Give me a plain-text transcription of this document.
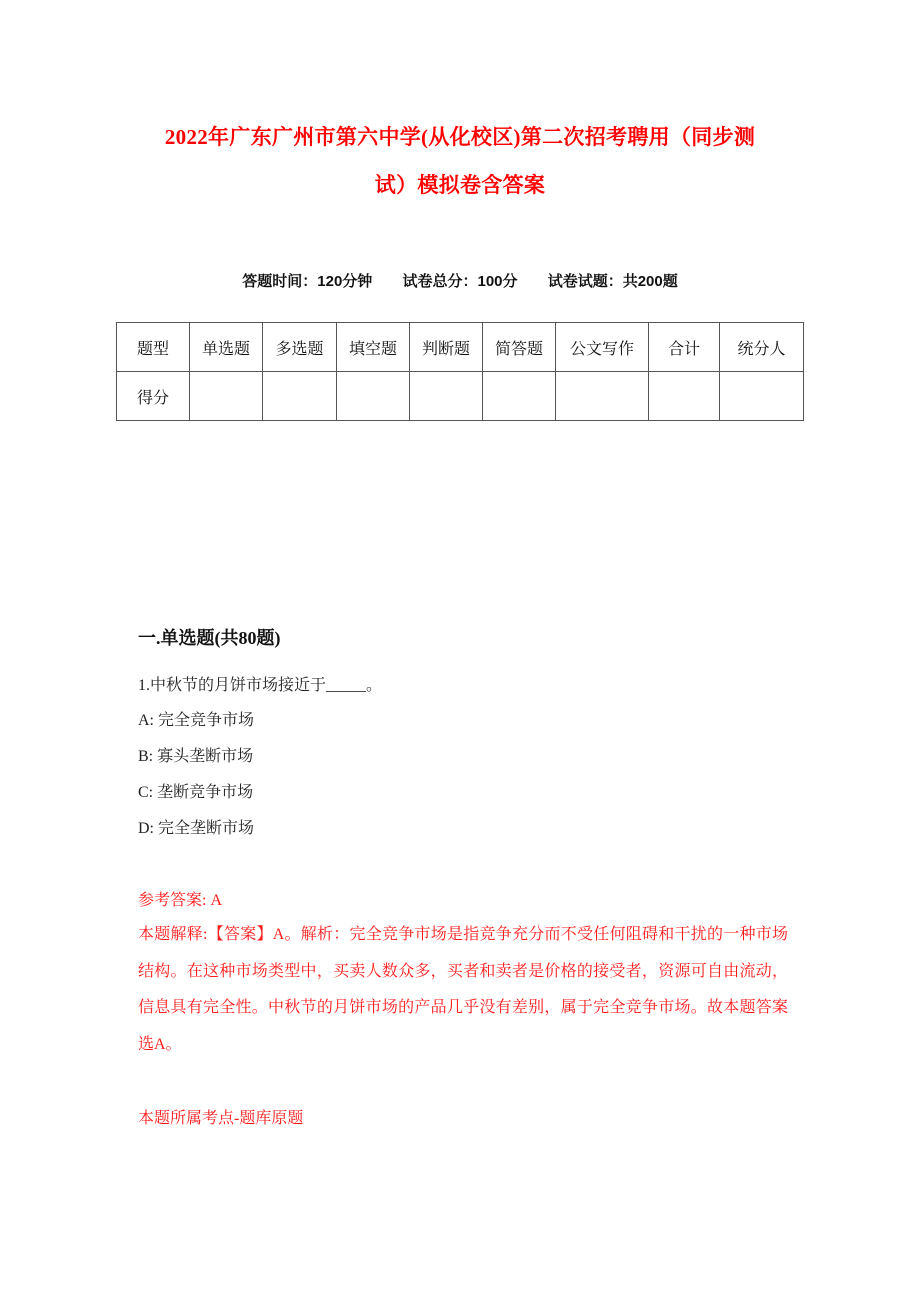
2022年广东广州市第六中学(从化校区)第二次招考聘用（同步测
试）模拟卷含答案
答题时间：120分钟 试卷总分：100分 试卷试题：共200题
题型	单选题	多选题	填空题	判断题	简答题	公文写作	合计	统分人
得分								
一.单选题(共80题)
1.中秋节的月饼市场接近于_____。
A: 完全竞争市场
B: 寡头垄断市场
C: 垄断竞争市场
D: 完全垄断市场
参考答案: A
本题解释:【答案】A。解析：完全竞争市场是指竞争充分而不受任何阻碍和干扰的一种市场结构。在这种市场类型中，买卖人数众多，买者和卖者是价格的接受者，资源可自由流动，信息具有完全性。中秋节的月饼市场的产品几乎没有差别，属于完全竞争市场。故本题答案选A。
本题所属考点-题库原题
